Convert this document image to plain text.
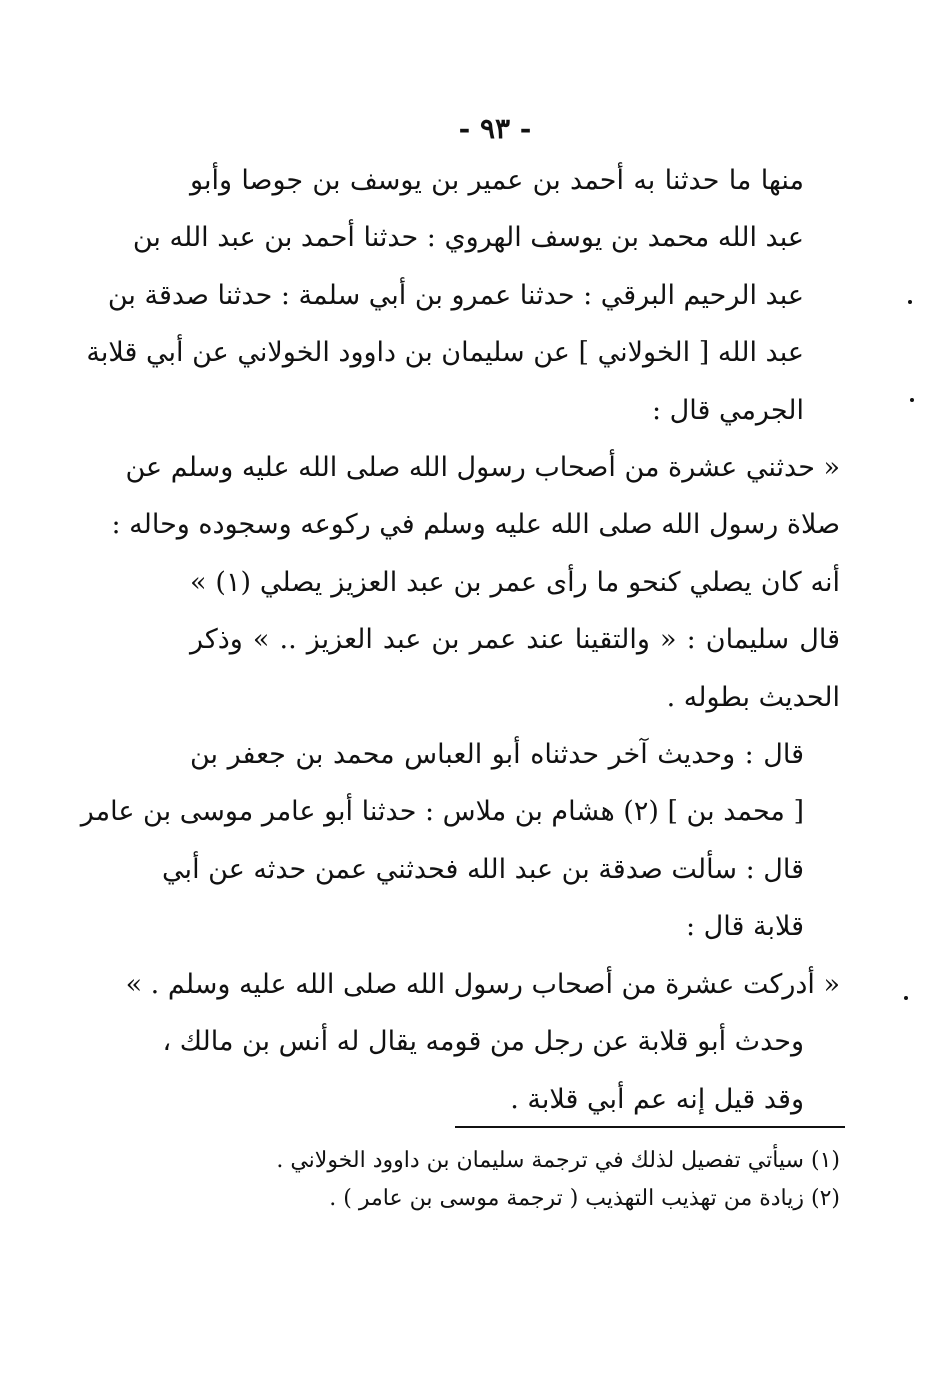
- ٩٣ -

منها ما حدثنا به أحمد بن عمير بن يوسف بن جوصا وأبو
عبد الله محمد بن يوسف الهروي : حدثنا أحمد بن عبد الله بن
عبد الرحيم البرقي : حدثنا عمرو بن أبي سلمة : حدثنا صدقة بن
عبد الله [ الخولاني ] عن سليمان بن داوود الخولاني عن أبي قلابة
الجرمي قال :

« حدثني عشرة من أصحاب رسول الله صلى الله عليه وسلم عن
صلاة رسول الله صلى الله عليه وسلم في ركوعه وسجوده وحاله :
أنه كان يصلي كنحو ما رأى عمر بن عبد العزيز يصلي (١) »
قال سليمان : « والتقينا عند عمر بن عبد العزيز .. » وذكر
الحديث بطوله .

قال : وحديث آخر حدثناه أبو العباس محمد بن جعفر بن
[ محمد بن ] (٢) هشام بن ملاس : حدثنا أبو عامر موسى بن عامر
قال : سألت صدقة بن عبد الله فحدثني عمن حدثه عن أبي
قلابة قال :

« أدركت عشرة من أصحاب رسول الله صلى الله عليه وسلم . »

وحدث أبو قلابة عن رجل من قومه يقال له أنس بن مالك ،
وقد قيل إنه عم أبي قلابة .

(١) سيأتي تفصيل لذلك في ترجمة سليمان بن داوود الخولاني .
(٢) زيادة من تهذيب التهذيب ( ترجمة موسى بن عامر ) .
